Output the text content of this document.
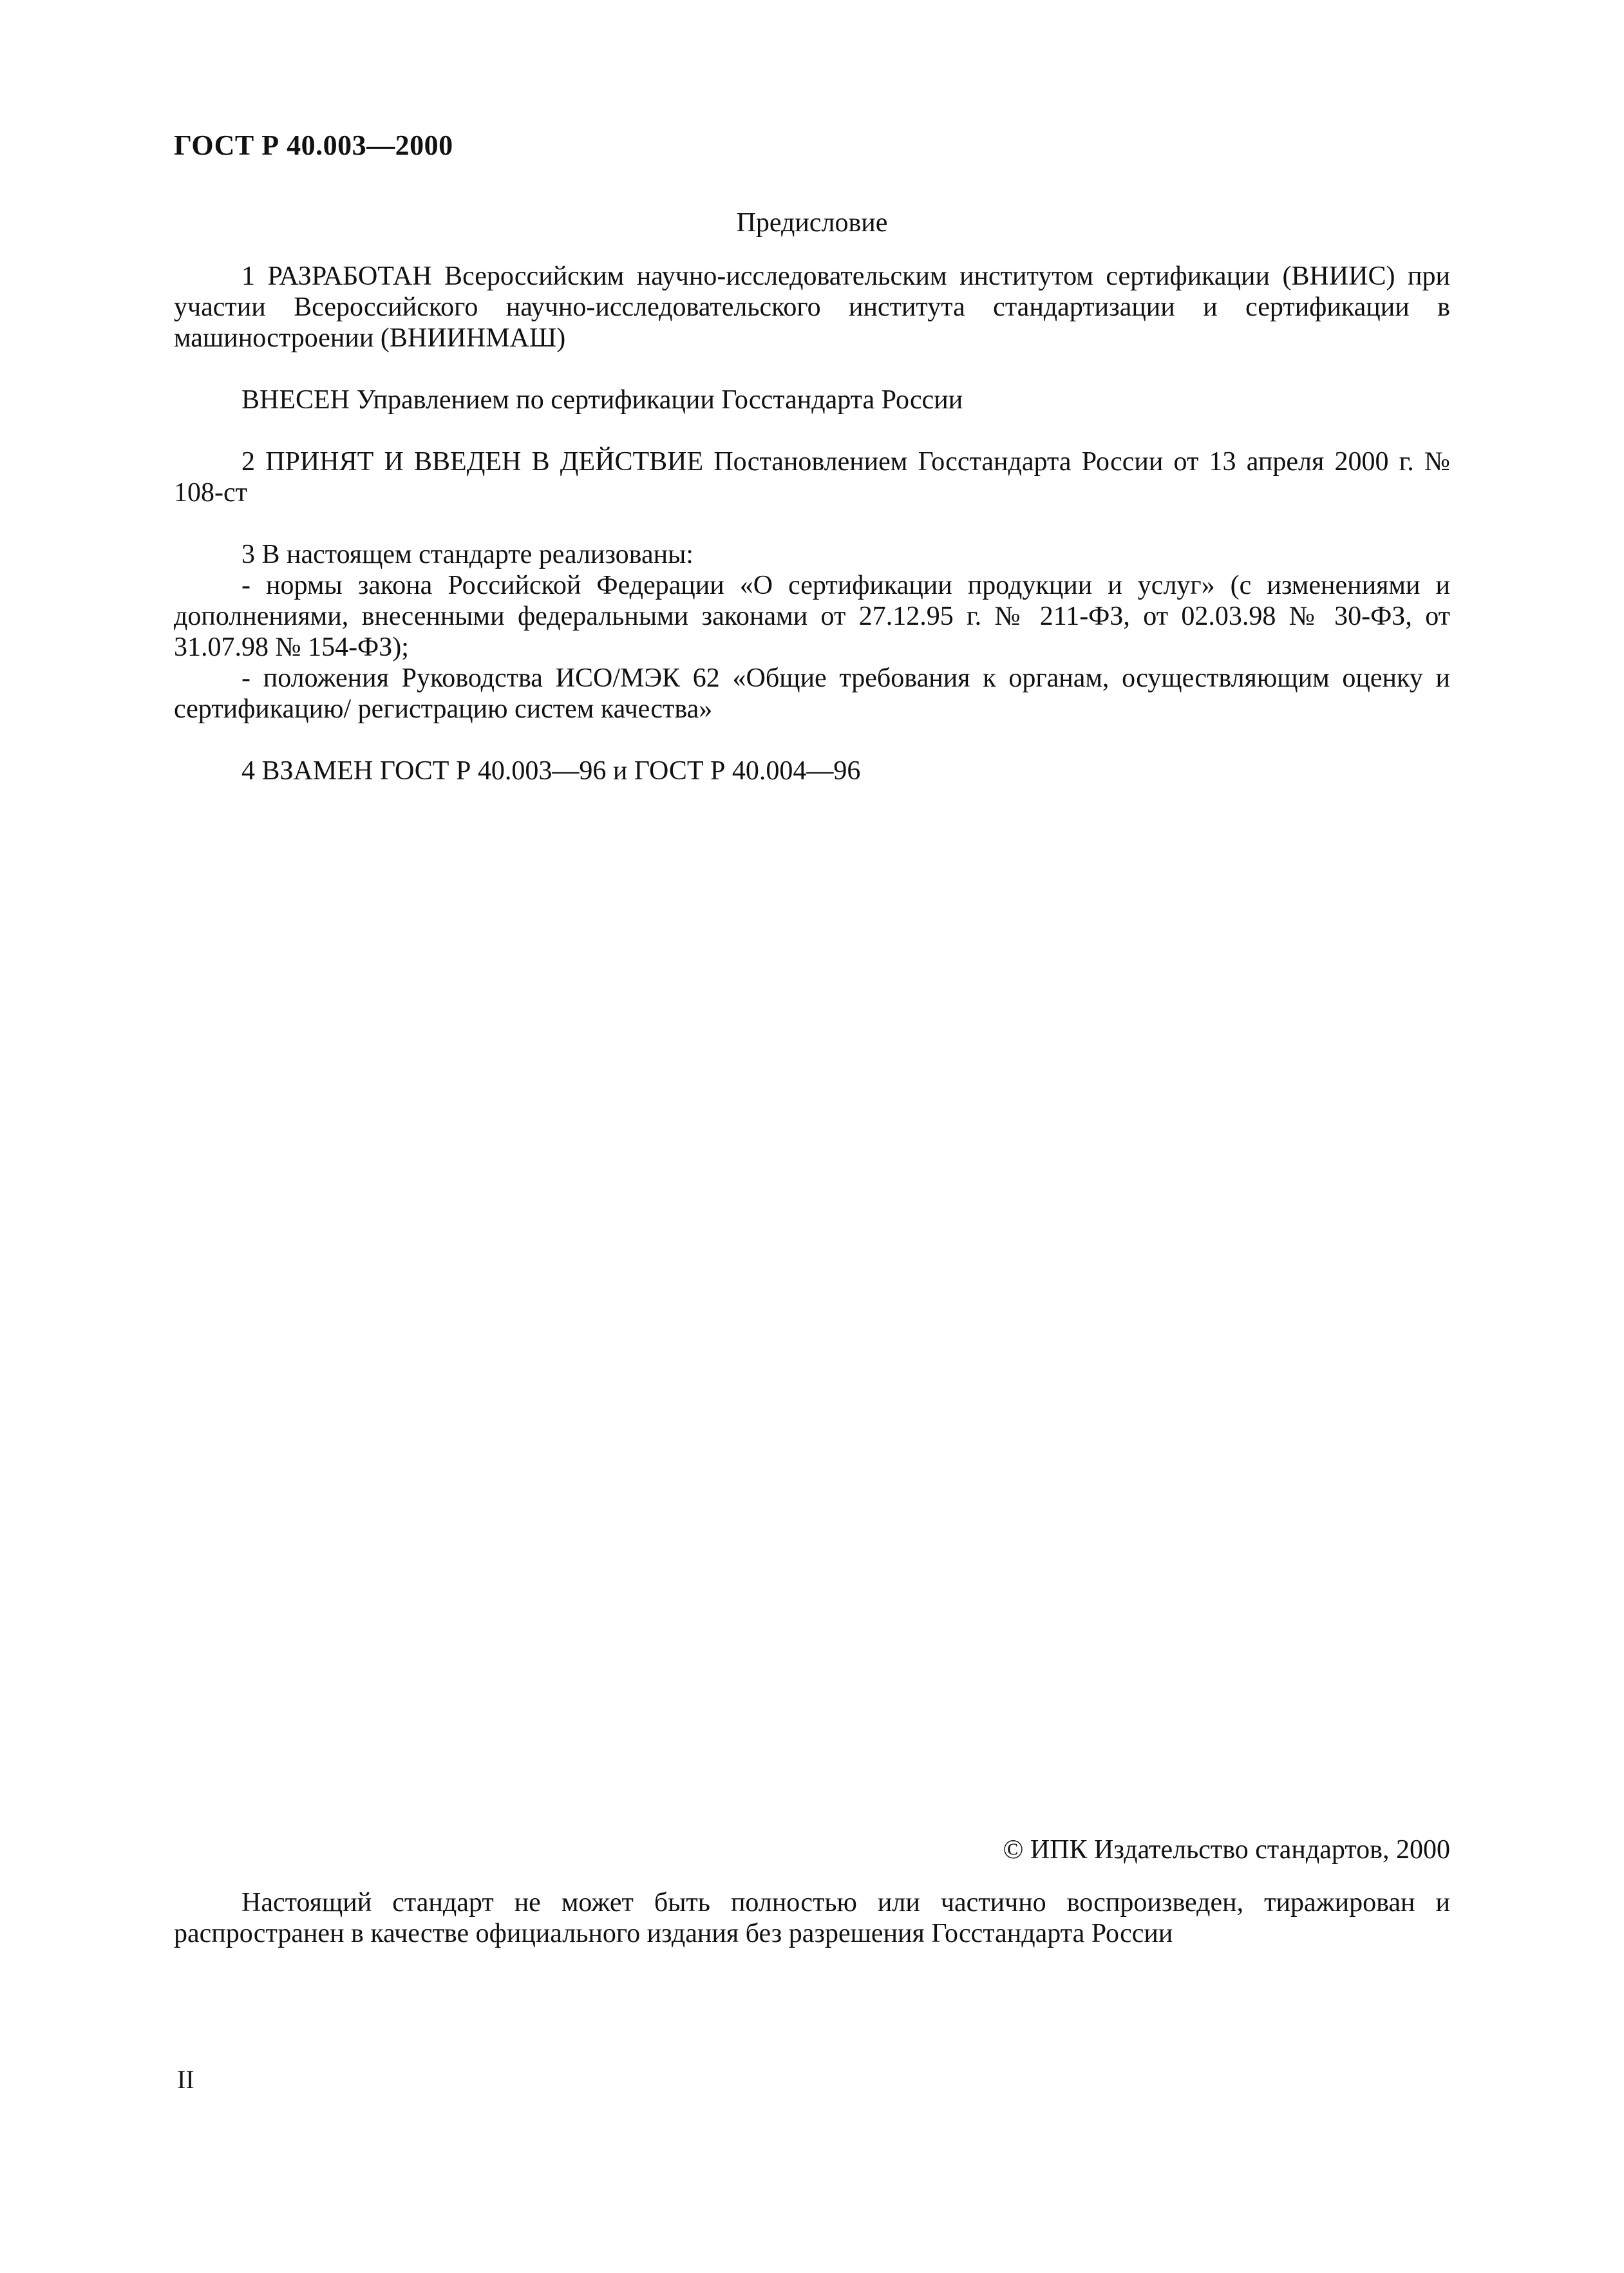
ГОСТ Р 40.003—2000
Предисловие

1 РАЗРАБОТАН Всероссийским научно-исследовательским институтом сертификации (ВНИИС) при участии Всероссийского научно-исследовательского института стандартизации и сертификации в машиностроении (ВНИИНМАШ)

ВНЕСЕН Управлением по сертификации Госстандарта России

2 ПРИНЯТ И ВВЕДЕН В ДЕЙСТВИЕ Постановлением Госстандарта России от 13 апреля 2000 г. № 108-ст

3 В настоящем стандарте реализованы:

- нормы закона Российской Федерации «О сертификации продукции и услуг» (с изменениями и дополнениями, внесенными федеральными законами от 27.12.95 г. № 211-ФЗ, от 02.03.98 № 30-ФЗ, от 31.07.98 № 154-ФЗ);

- положения Руководства ИСО/МЭК 62 «Общие требования к органам, осуществляющим оценку и сертификацию/ регистрацию систем качества»

4 ВЗАМЕН ГОСТ Р 40.003—96 и ГОСТ Р 40.004—96

© ИПК Издательство стандартов, 2000

Настоящий стандарт не может быть полностью или частично воспроизведен, тиражирован и распространен в качестве официального издания без разрешения Госстандарта России

II
